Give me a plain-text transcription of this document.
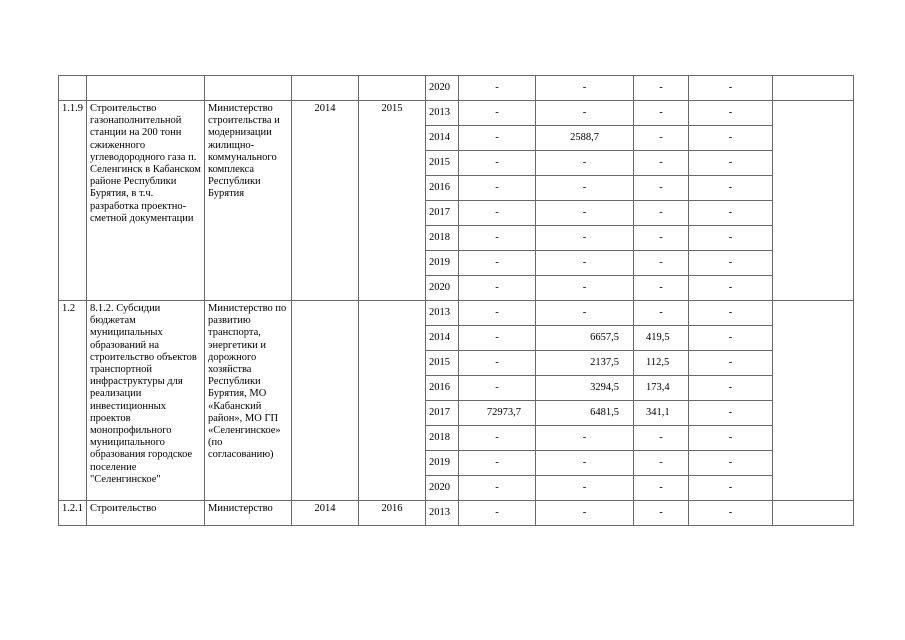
					2020	-	-	-	-	
1.1.9	Строительство газонаполнительной станции на 200 тонн сжиженного углеводородного газа п. Селенгинск в Кабанском районе Республики Бурятия, в т.ч. разработка проектно-сметной документации	Министерство строительства и модернизации жилищно-коммунального комплекса Республики Бурятия	2014	2015	2013	-	-	-	-	
					2014	-	2588,7	-	-	
					2015	-	-	-	-	
					2016	-	-	-	-	
					2017	-	-	-	-	
					2018	-	-	-	-	
					2019	-	-	-	-	
					2020	-	-	-	-	
1.2	8.1.2. Субсидии бюджетам муниципальных образований на строительство объектов транспортной инфраструктуры для реализации инвестиционных проектов монопрофильного муниципального образования городское поселение "Селенгинское"	Министерство по развитию транспорта, энергетики и дорожного хозяйства Республики Бурятия, МО «Кабанский район», МО ГП «Селенгинское» (по согласованию)			2013	-	-	-	-	
					2014	-	6657,5	419,5	-	
					2015	-	2137,5	112,5	-	
					2016	-	3294,5	173,4	-	
					2017	72973,7	6481,5	341,1	-	
					2018	-	-	-	-	
					2019	-	-	-	-	
					2020	-	-	-	-	
1.2.1	Строительство	Министерство	2014	2016	2013	-	-	-	-	
